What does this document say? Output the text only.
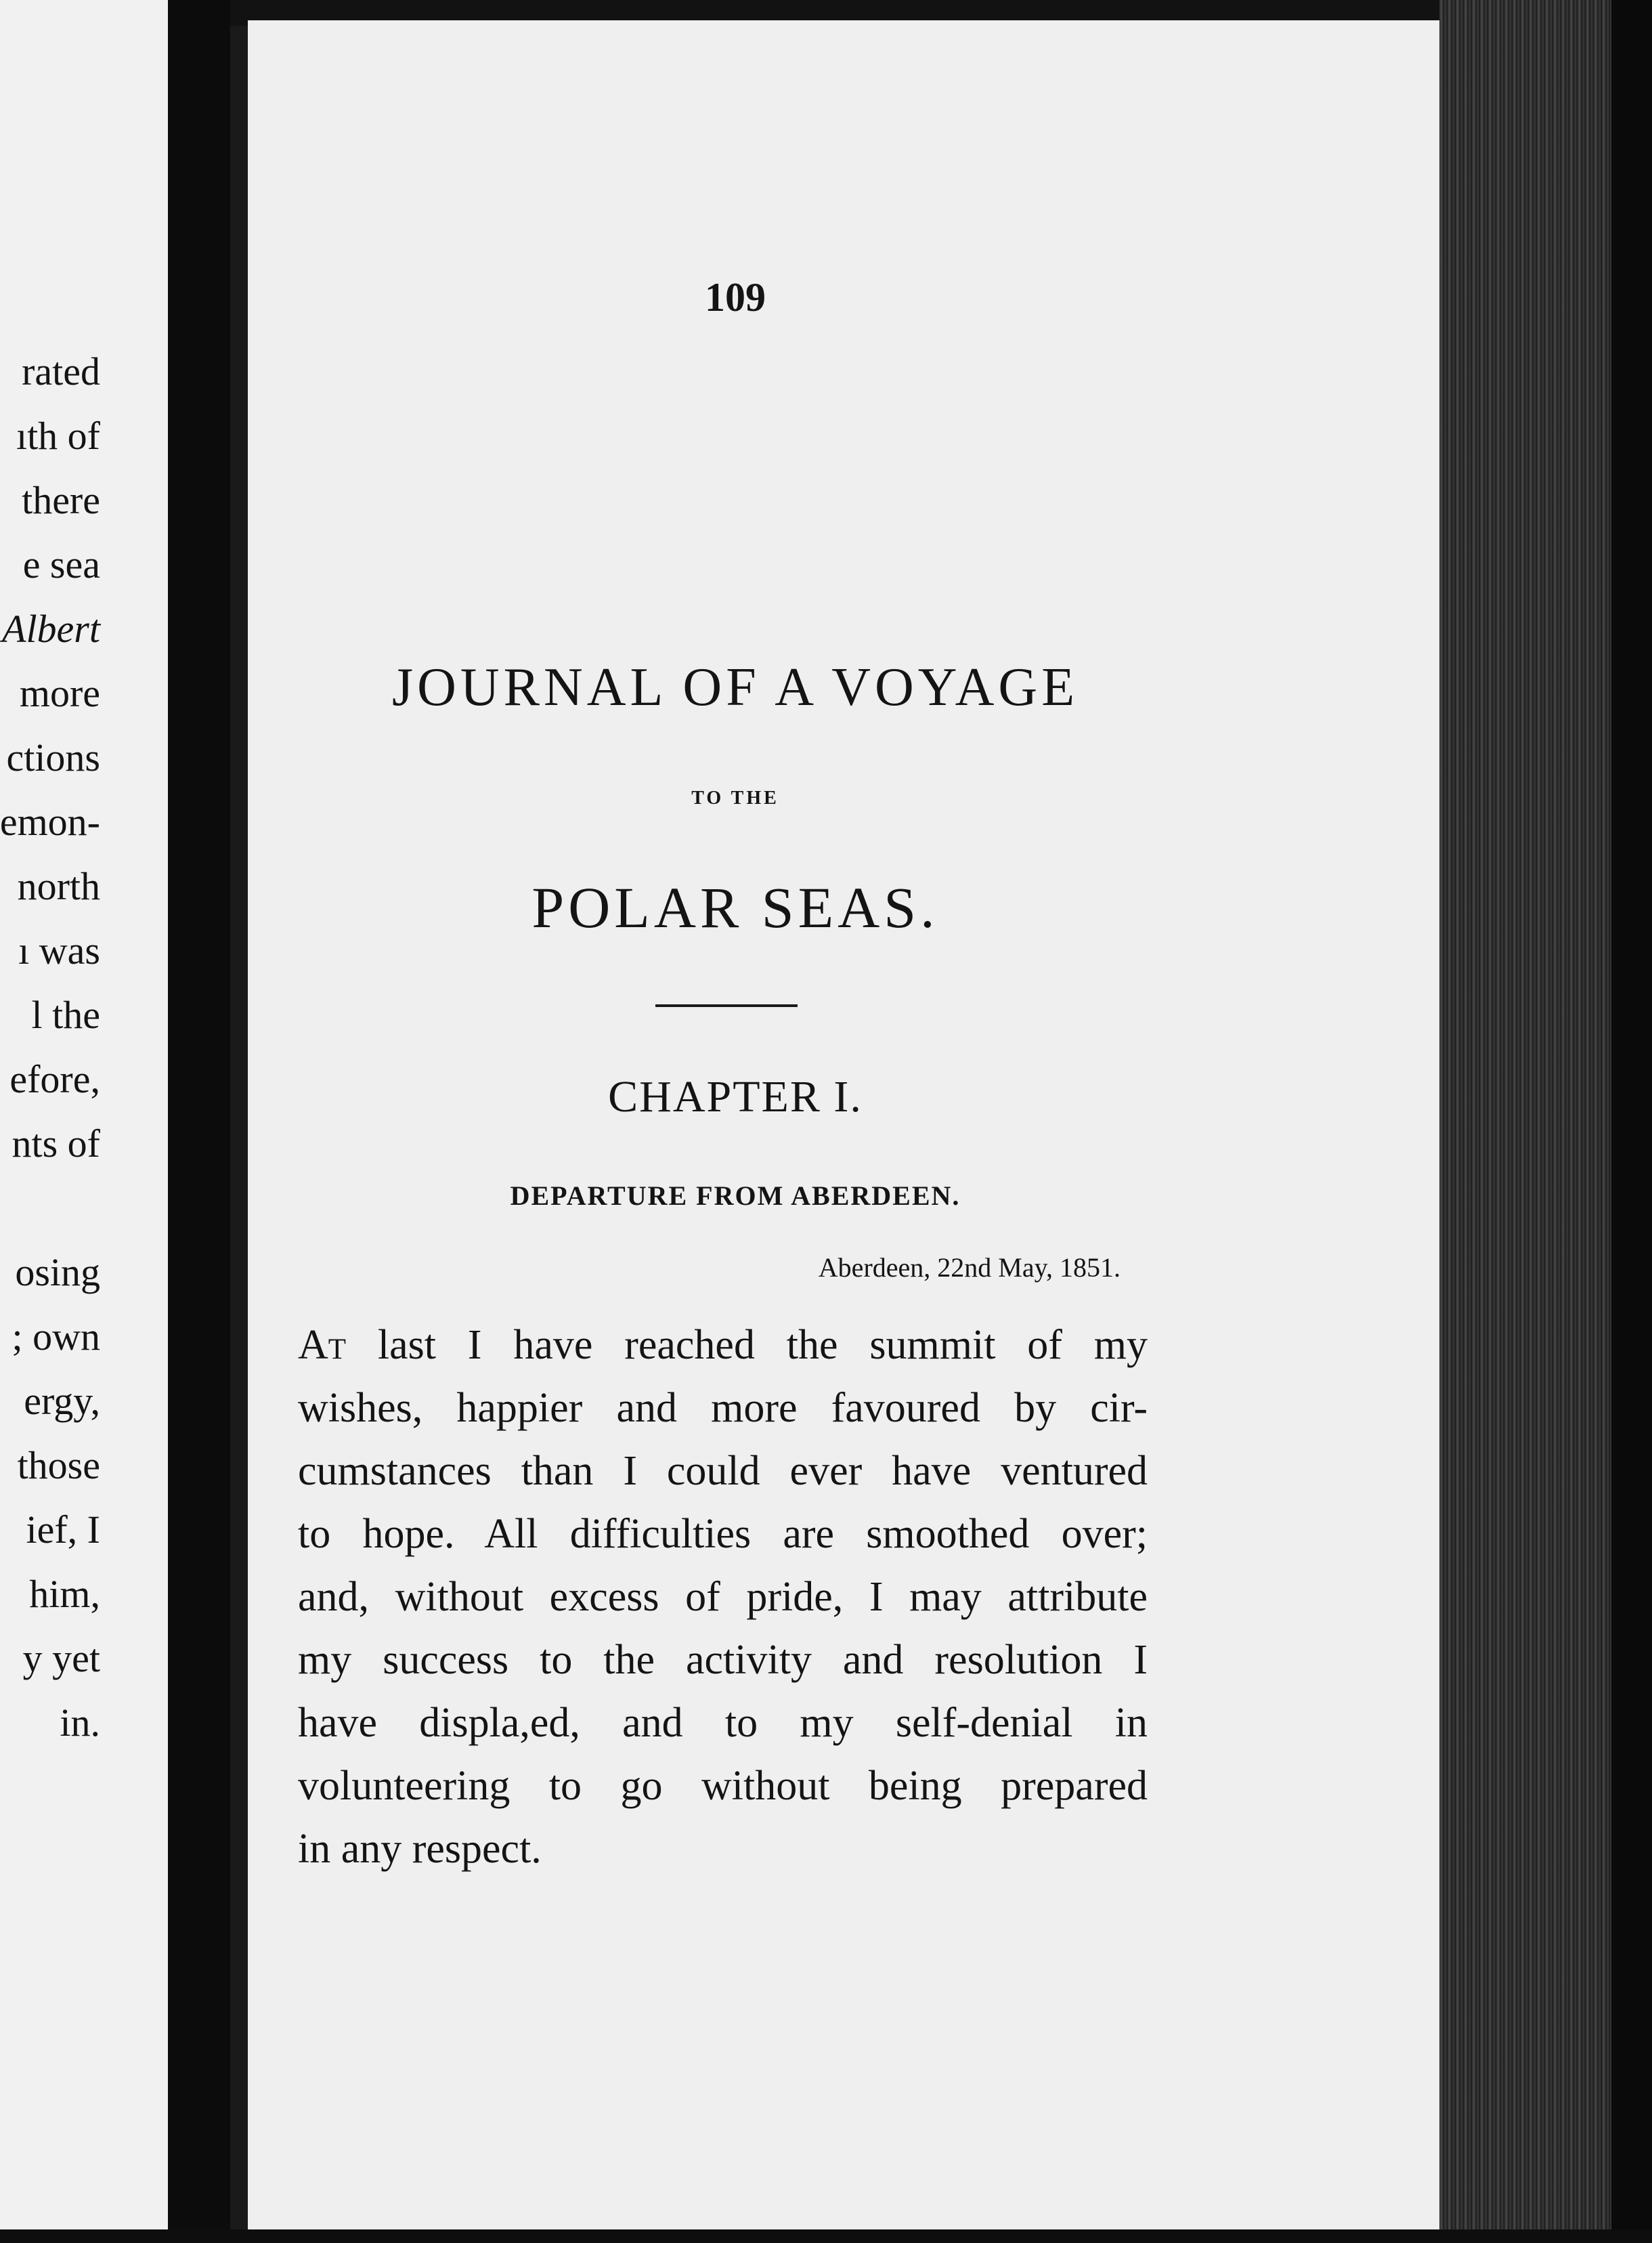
rated
ıth of
there
e sea
Albert
more
ctions
emon-
north
ı was
l the
efore,
nts of
osing
; own
ergy,
those
ief, I
him,
y yet
in.
109
JOURNAL OF A VOYAGE
TO THE
POLAR SEAS.
CHAPTER I.
DEPARTURE FROM ABERDEEN.
Aberdeen, 22nd May, 1851.
At last I have reached the summit of my
wishes, happier and more favoured by cir-
cumstances than I could ever have ventured
to hope. All difficulties are smoothed over;
and, without excess of pride, I may attribute
my success to the activity and resolution I
have displa,ed, and to my self-denial in
volunteering to go without being prepared
in any respect.
